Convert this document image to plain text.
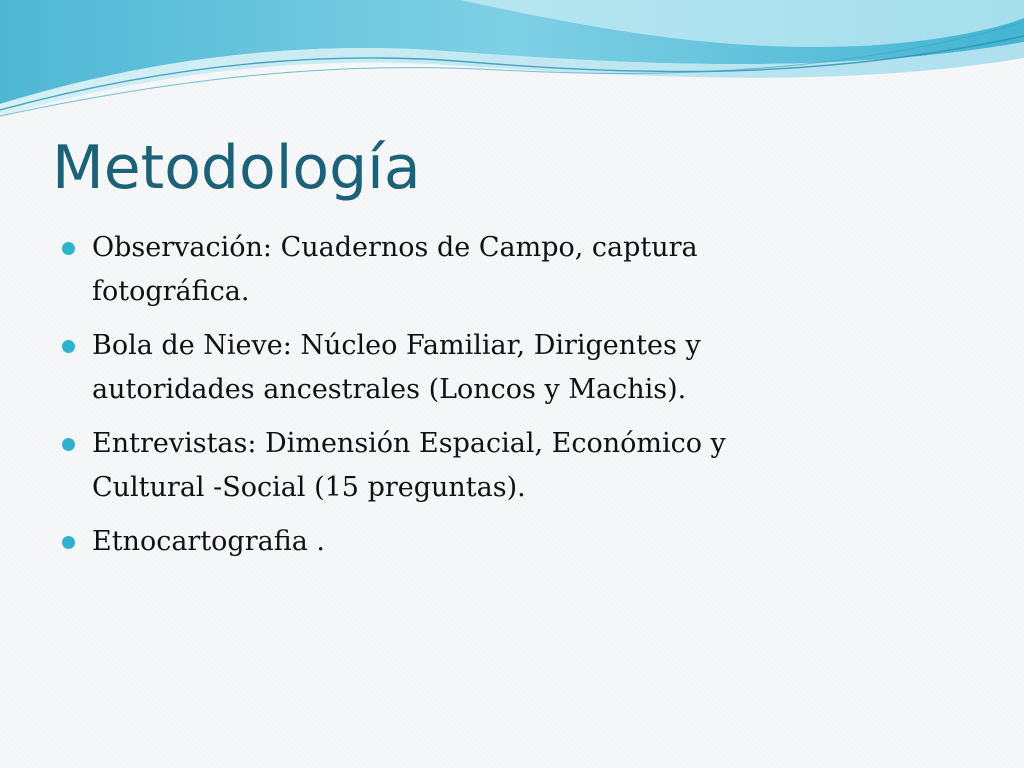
Metodología
Observación: Cuadernos de Campo, captura
fotográfica.
Bola de Nieve: Núcleo Familiar, Dirigentes y
autoridades ancestrales (Loncos y Machis).
Entrevistas: Dimensión Espacial, Económico y
Cultural -Social (15 preguntas).
Etnocartografia .
